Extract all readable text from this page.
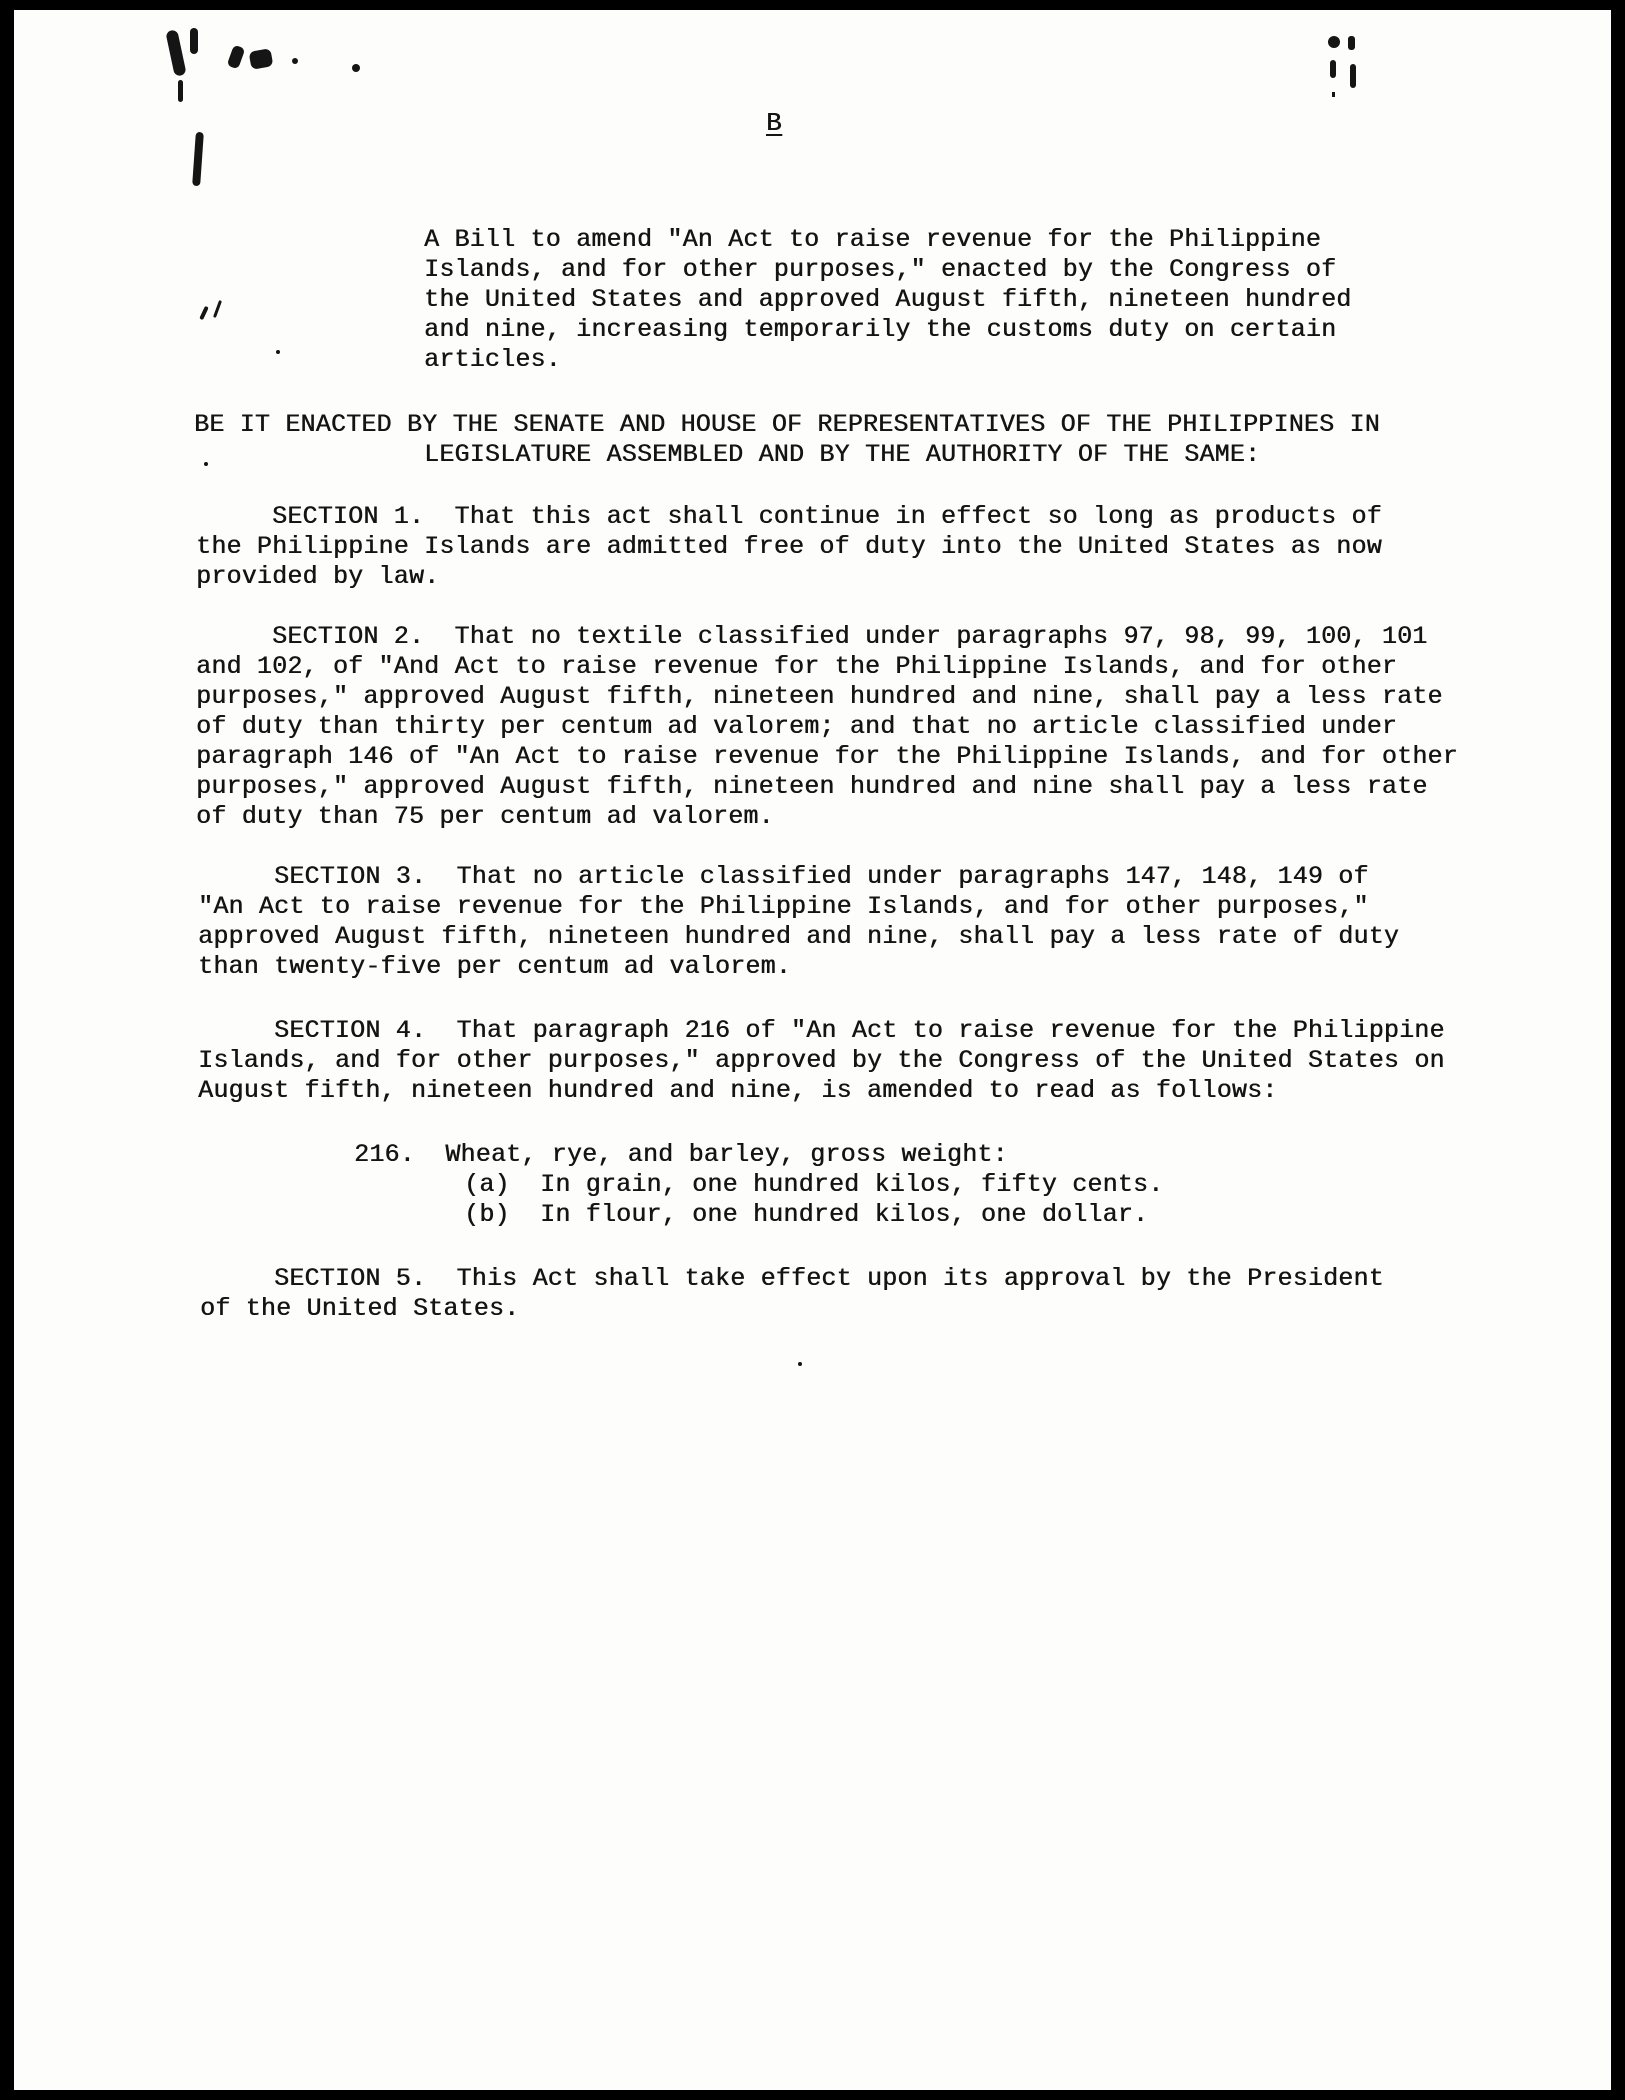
B
A Bill to amend "An Act to raise revenue for the Philippine
Islands, and for other purposes," enacted by the Congress of
the United States and approved August fifth, nineteen hundred
and nine, increasing temporarily the customs duty on certain
articles.
BE IT ENACTED BY THE SENATE AND HOUSE OF REPRESENTATIVES OF THE PHILIPPINES IN
LEGISLATURE ASSEMBLED AND BY THE AUTHORITY OF THE SAME:
SECTION 1.  That this act shall continue in effect so long as products of
the Philippine Islands are admitted free of duty into the United States as now
provided by law.
SECTION 2.  That no textile classified under paragraphs 97, 98, 99, 100, 101
and 102, of "And Act to raise revenue for the Philippine Islands, and for other
purposes," approved August fifth, nineteen hundred and nine, shall pay a less rate
of duty than thirty per centum ad valorem; and that no article classified under
paragraph 146 of "An Act to raise revenue for the Philippine Islands, and for other
purposes," approved August fifth, nineteen hundred and nine shall pay a less rate
of duty than 75 per centum ad valorem.
SECTION 3.  That no article classified under paragraphs 147, 148, 149 of
"An Act to raise revenue for the Philippine Islands, and for other purposes,"
approved August fifth, nineteen hundred and nine, shall pay a less rate of duty
than twenty-five per centum ad valorem.
SECTION 4.  That paragraph 216 of "An Act to raise revenue for the Philippine
Islands, and for other purposes," approved by the Congress of the United States on
August fifth, nineteen hundred and nine, is amended to read as follows:
216.  Wheat, rye, and barley, gross weight:
(a)  In grain, one hundred kilos, fifty cents.
(b)  In flour, one hundred kilos, one dollar.
SECTION 5.  This Act shall take effect upon its approval by the President
of the United States.
